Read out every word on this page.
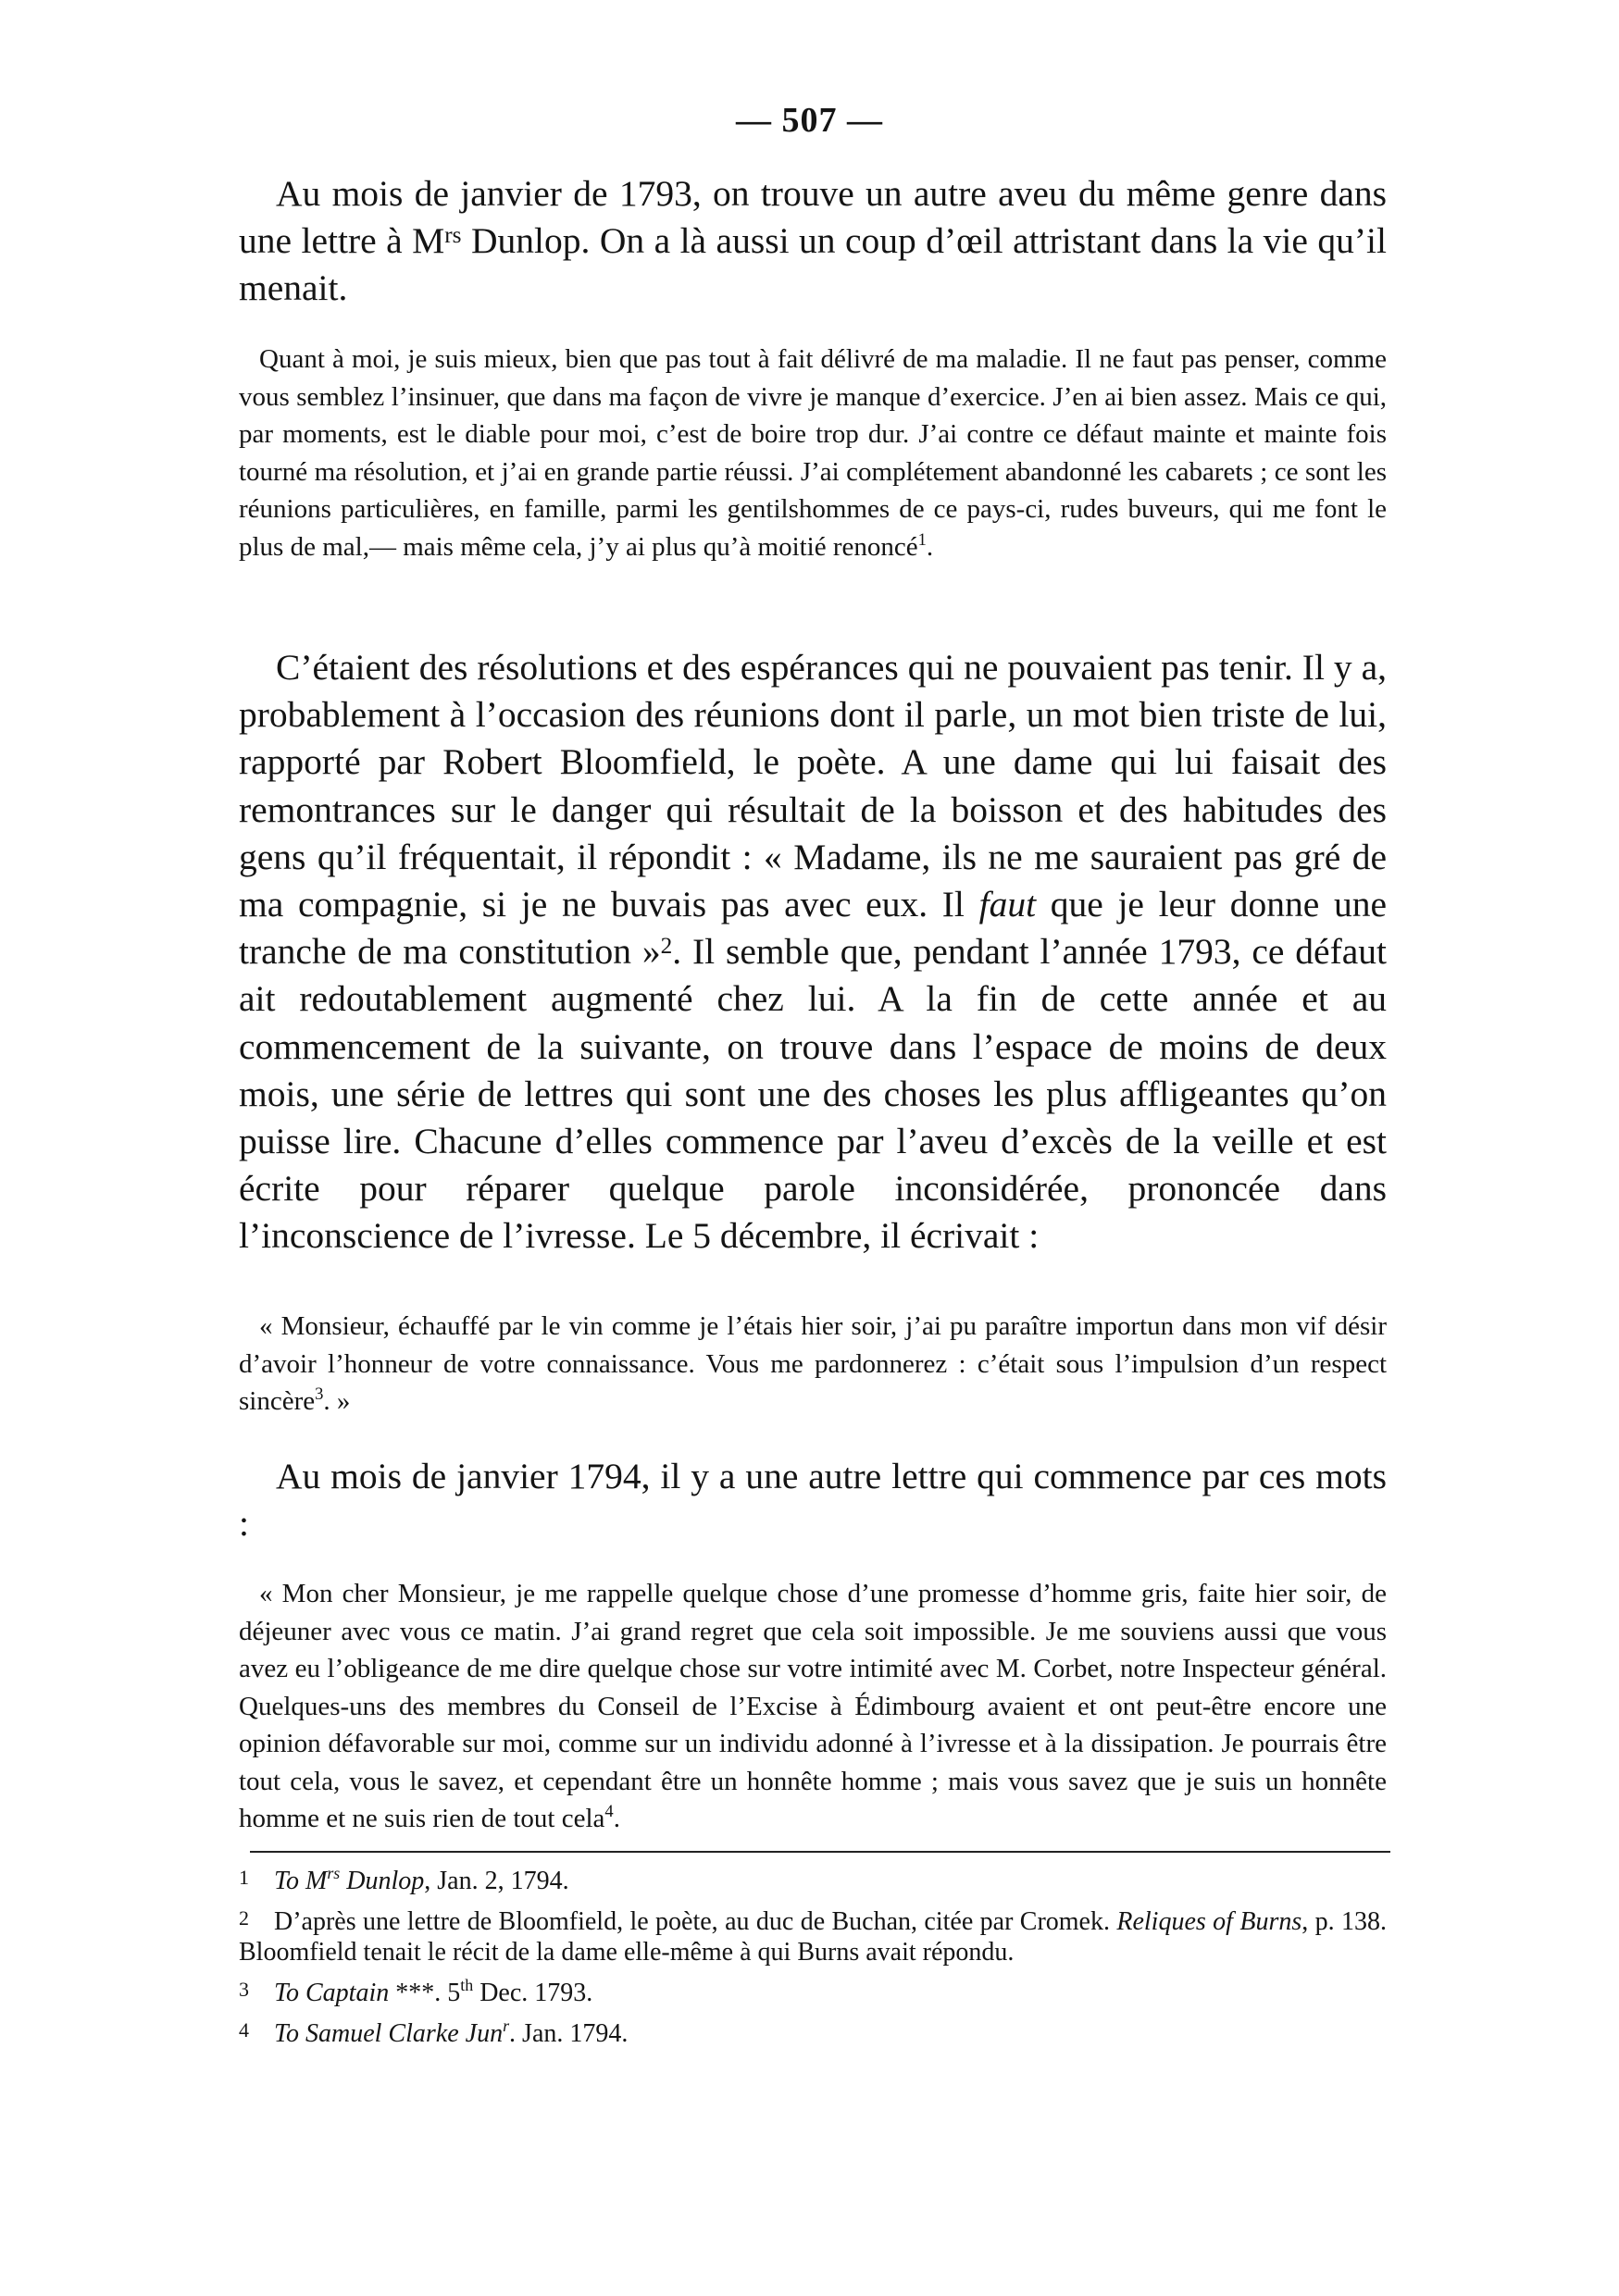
— 507 —

Au mois de janvier de 1793, on trouve un autre aveu du même genre dans une lettre à $M^{rs}$ Dunlop. On a là aussi un coup d’œil attristant dans la vie qu’il menait.

Quant à moi, je suis mieux, bien que pas tout à fait délivré de ma maladie. Il ne faut pas penser, comme vous semblez l’insinuer, que dans ma façon de vivre je manque d’exercice. J’en ai bien assez. Mais ce qui, par moments, est le diable pour moi, c’est de boire trop dur. J’ai contre ce défaut mainte et mainte fois tourné ma résolution, et j’ai en grande partie réussi. J’ai complétement abandonné les cabarets ; ce sont les réunions particulières, en famille, parmi les gentilshommes de ce pays-ci, rudes buveurs, qui me font le plus de mal,— mais même cela, j’y ai plus qu’à moitié renoncé$^1$.

C’étaient des résolutions et des espérances qui ne pouvaient pas tenir. Il y a, probablement à l’occasion des réunions dont il parle, un mot bien triste de lui, rapporté par Robert Bloomfield, le poète. A une dame qui lui faisait des remontrances sur le danger qui résultait de la boisson et des habitudes des gens qu’il fréquentait, il répondit : « Madame, ils ne me sauraient pas gré de ma compagnie, si je ne buvais pas avec eux. Il faut que je leur donne une tranche de ma constitution »$^2$. Il semble que, pendant l’année 1793, ce défaut ait redoutablement augmenté chez lui. A la fin de cette année et au commencement de la suivante, on trouve dans l’espace de moins de deux mois, une série de lettres qui sont une des choses les plus affligeantes qu’on puisse lire. Chacune d’elles commence par l’aveu d’excès de la veille et est écrite pour réparer quelque parole inconsidérée, prononcée dans l’inconscience de l’ivresse. Le 5 décembre, il écrivait :

« Monsieur, échauffé par le vin comme je l’étais hier soir, j’ai pu paraître importun dans mon vif désir d’avoir l’honneur de votre connaissance. Vous me pardonnerez : c’était sous l’impulsion d’un respect sincère$^3$. »

Au mois de janvier 1794, il y a une autre lettre qui commence par ces mots :

« Mon cher Monsieur, je me rappelle quelque chose d’une promesse d’homme gris, faite hier soir, de déjeuner avec vous ce matin. J’ai grand regret que cela soit impossible. Je me souviens aussi que vous avez eu l’obligeance de me dire quelque chose sur votre intimité avec M. Corbet, notre Inspecteur général. Quelques-uns des membres du Conseil de l’Excise à Édimbourg avaient et ont peut-être encore une opinion défavorable sur moi, comme sur un individu adonné à l’ivresse et à la dissipation. Je pourrais être tout cela, vous le savez, et cependant être un honnête homme ; mais vous savez que je suis un honnête homme et ne suis rien de tout cela$^4$.

1 To $M^{rs}$ Dunlop, Jan. 2, 1794.

2 D’après une lettre de Bloomfield, le poète, au duc de Buchan, citée par Cromek. Reliques of Burns, p. 138. Bloomfield tenait le récit de la dame elle-même à qui Burns avait répondu.

3 To Captain ***. 5th Dec. 1793.

4 To Samuel Clarke Jun$^r$. Jan. 1794.
